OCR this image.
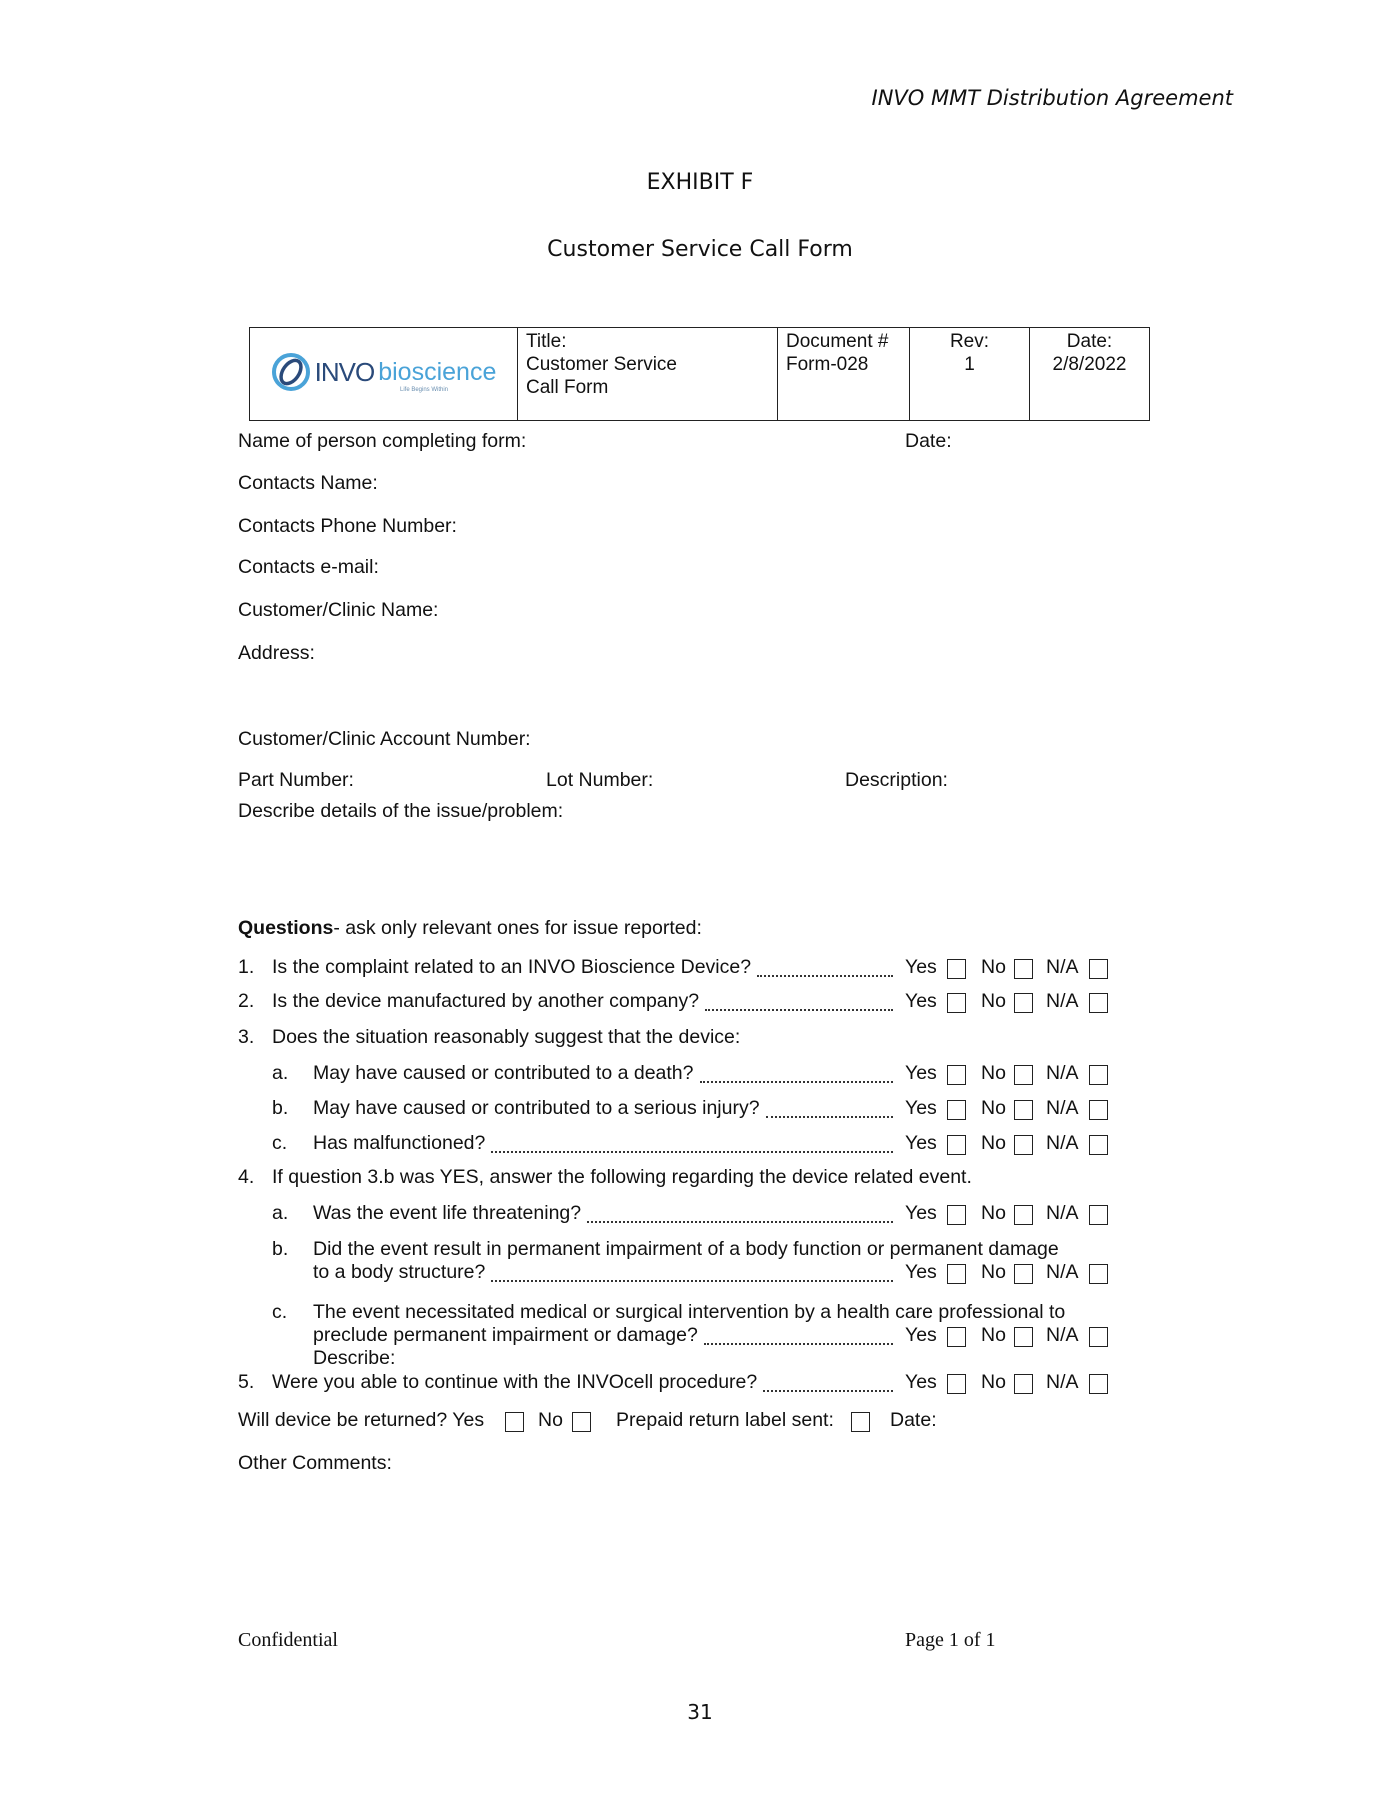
INVO MMT Distribution Agreement
EXHIBIT F
Customer Service Call Form
INVO bioscience
Life Begins Within

Title:
Customer Service
Call Form

Document #
Form-028

Rev:
1

Date:
2/8/2022
Name of person completing form:	Date:
Contacts Name:
Contacts Phone Number:
Contacts e-mail:
Customer/Clinic Name:
Address:
Customer/Clinic Account Number:
Part Number:	Lot Number:	Description:
Describe details of the issue/problem:
Questions- ask only relevant ones for issue reported:
1. Is the complaint related to an INVO Bioscience Device?	Yes No N/A
2. Is the device manufactured by another company?	Yes No N/A
3. Does the situation reasonably suggest that the device:
a. May have caused or contributed to a death?	Yes No N/A
b. May have caused or contributed to a serious injury?	Yes No N/A
c. Has malfunctioned?	Yes No N/A
4. If question 3.b was YES, answer the following regarding the device related event.
a. Was the event life threatening?	Yes No N/A
b. Did the event result in permanent impairment of a body function or permanent damage
to a body structure?	Yes No N/A
c. The event necessitated medical or surgical intervention by a health care professional to
preclude permanent impairment or damage?
Describe:
Yes No N/A
5. Were you able to continue with the INVOcell procedure?	Yes No N/A
Will device be returned? Yes	No	Prepaid return label sent:	Date:
Other Comments:
Confidential	Page 1 of 1
31
